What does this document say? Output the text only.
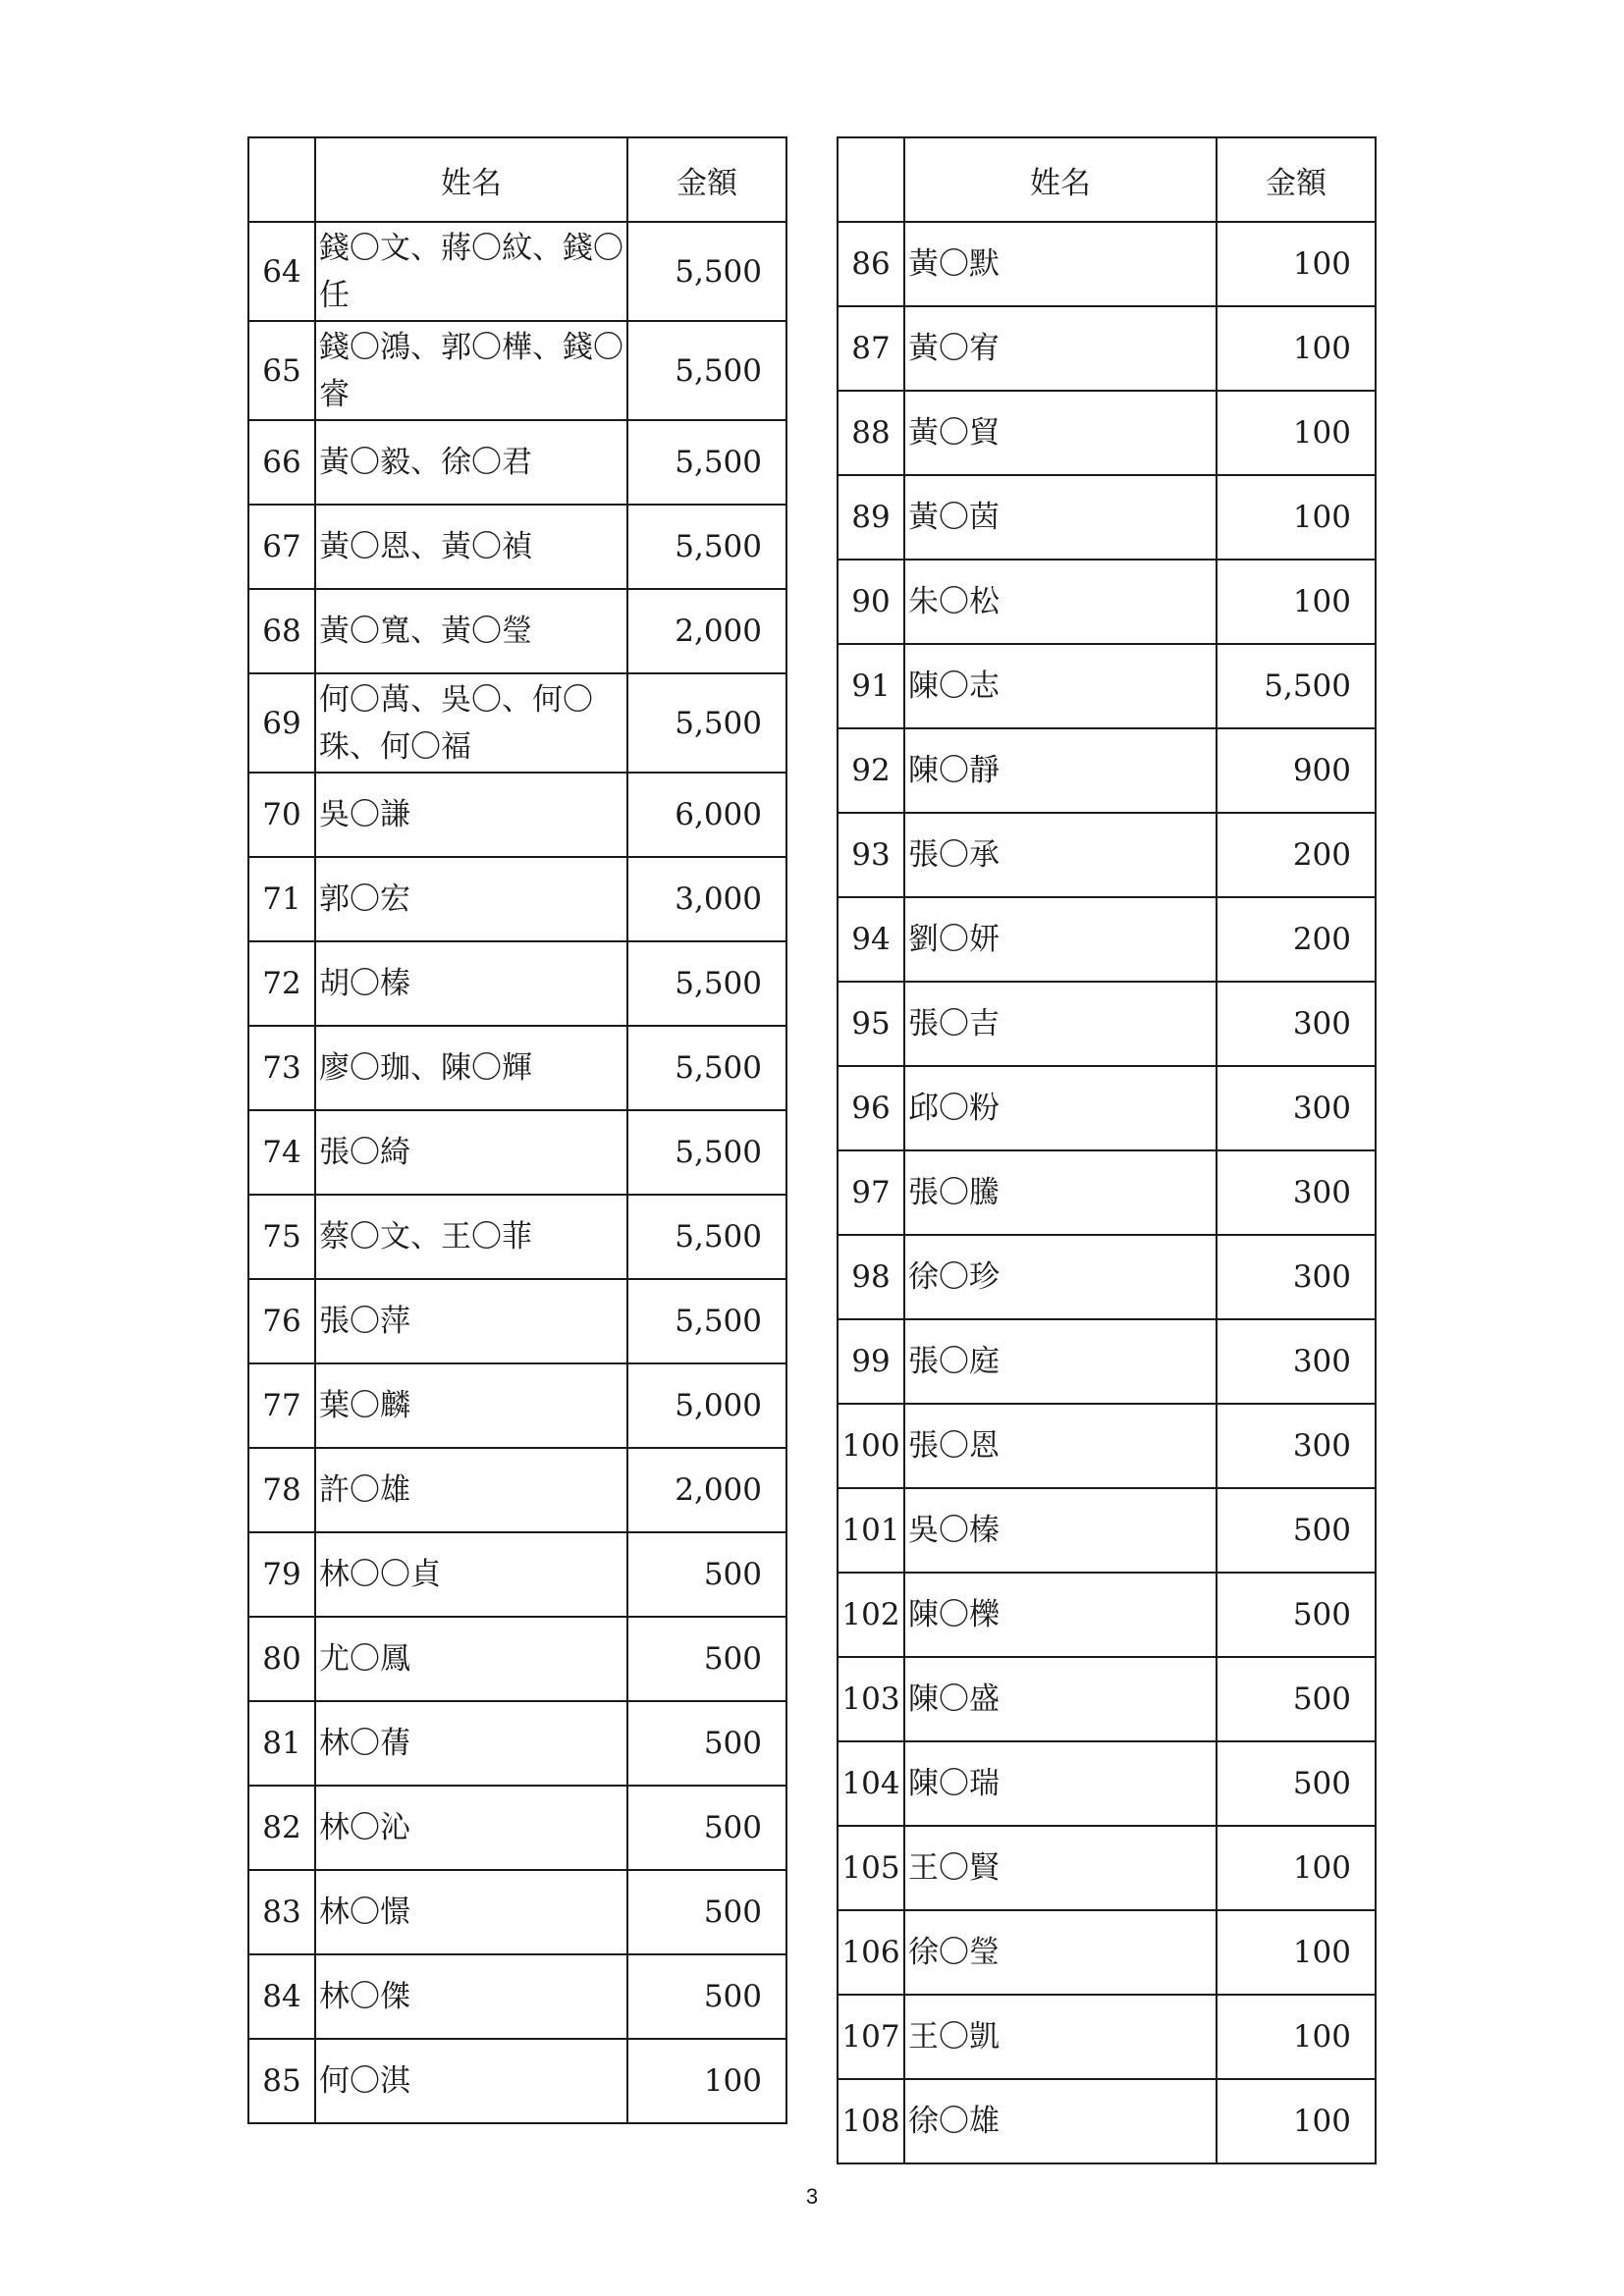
	姓名	金額
64	錢〇文、蔣〇紋、錢〇任	5,500
65	錢〇鴻、郭〇樺、錢〇睿	5,500
66	黃〇毅、徐〇君	5,500
67	黃〇恩、黃〇禎	5,500
68	黃〇寬、黃〇瑩	2,000
69	何〇萬、吳〇、何〇珠、何〇福	5,500
70	吳〇謙	6,000
71	郭〇宏	3,000
72	胡〇榛	5,500
73	廖〇珈、陳〇輝	5,500
74	張〇綺	5,500
75	蔡〇文、王〇菲	5,500
76	張〇萍	5,500
77	葉〇麟	5,000
78	許〇雄	2,000
79	林〇〇貞	500
80	尤〇鳳	500
81	林〇蒨	500
82	林〇沁	500
83	林〇憬	500
84	林〇傑	500
85	何〇淇	100
	姓名	金額
86	黃〇默	100
87	黃〇宥	100
88	黃〇貿	100
89	黃〇茵	100
90	朱〇松	100
91	陳〇志	5,500
92	陳〇靜	900
93	張〇承	200
94	劉〇妍	200
95	張〇吉	300
96	邱〇粉	300
97	張〇騰	300
98	徐〇珍	300
99	張〇庭	300
100	張〇恩	300
101	吳〇榛	500
102	陳〇櫟	500
103	陳〇盛	500
104	陳〇瑞	500
105	王〇賢	100
106	徐〇瑩	100
107	王〇凱	100
108	徐〇雄	100
3
